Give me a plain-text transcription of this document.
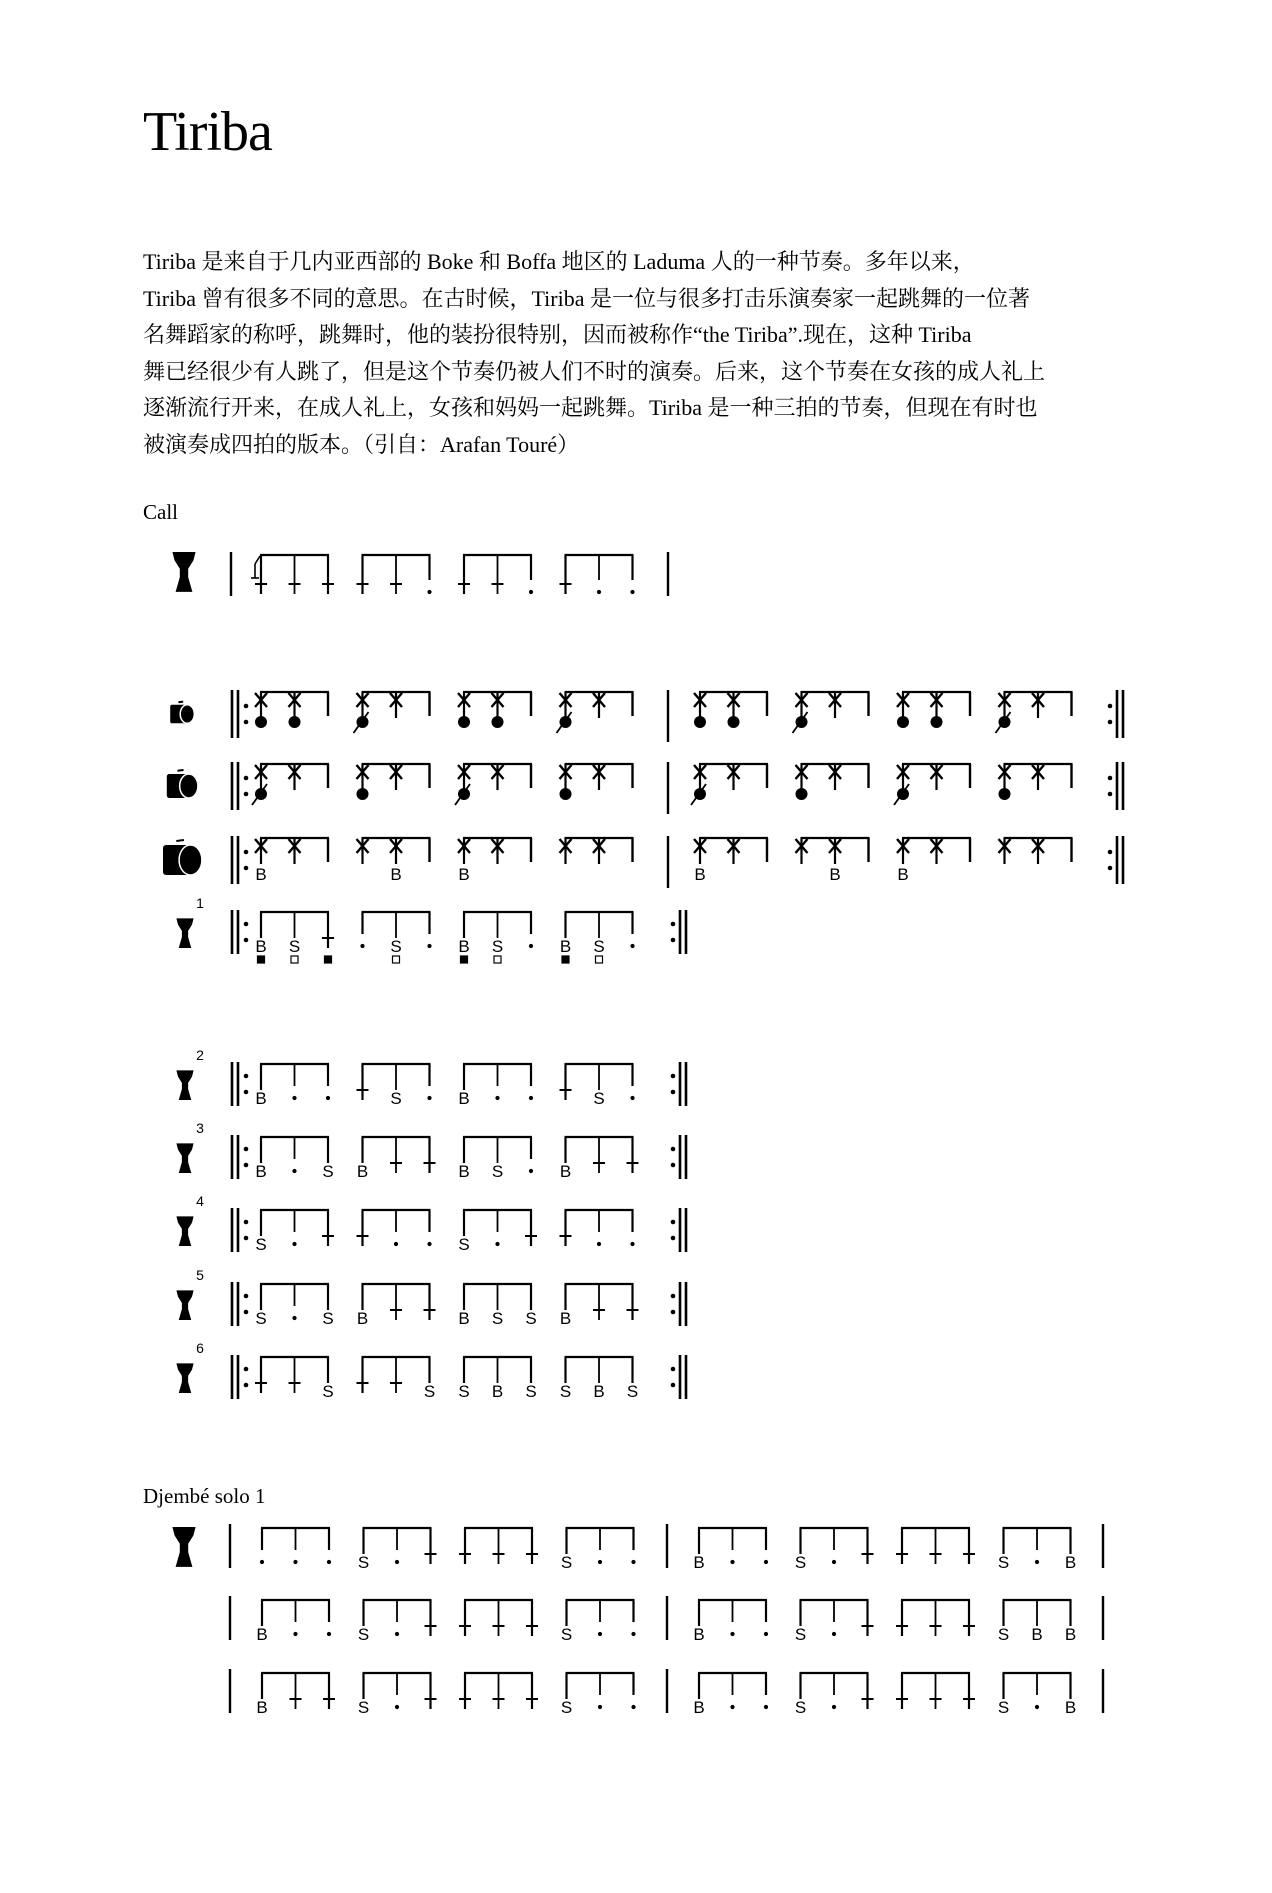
Tiriba
Tiriba 是来自于几内亚西部的 Boke 和 Boffa 地区的 Laduma 人的一种节奏。多年以来，
Tiriba 曾有很多不同的意思。在古时候，Tiriba 是一位与很多打击乐演奏家一起跳舞的一位著
名舞蹈家的称呼，跳舞时，他的装扮很特别，因而被称作“the Tiriba”.现在，这种 Tiriba
舞已经很少有人跳了，但是这个节奏仍被人们不时的演奏。后来，这个节奏在女孩的成人礼上
逐渐流行开来，在成人礼上，女孩和妈妈一起跳舞。Tiriba 是一种三拍的节奏，但现在有时也
被演奏成四拍的版本。（引自：Arafan Touré）
Call
Djembé solo 1
B	B	B	B	B	B
1
B S	S	B S	B S
2
B	S	B	S
3
B	S B	B S	B
4
S	S
5
S	S B	B S S B
6
S	S S B S S B S
S	S	B	S	S	B
B	S	S	B	S	S B B
B	S	S	B	S	S	B
